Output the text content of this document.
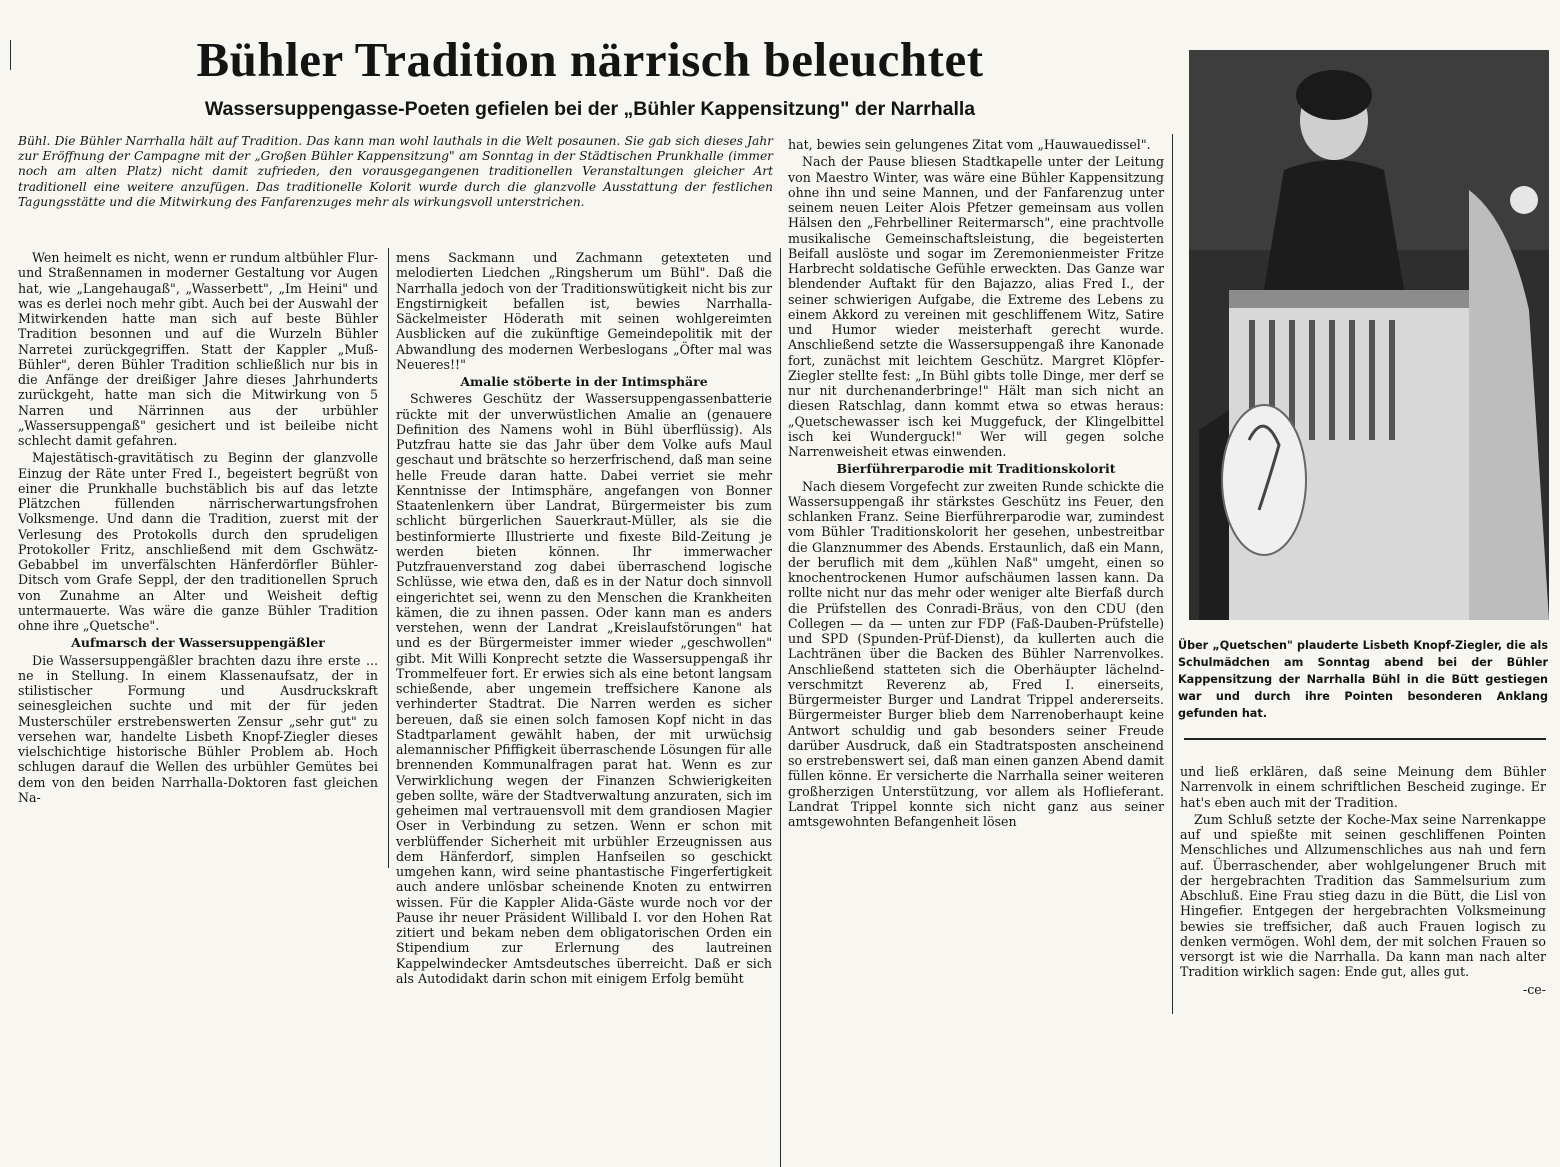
Bühler Tradition närrisch beleuchtet
Wassersuppengasse-Poeten gefielen bei der „Bühler Kappensitzung" der Narrhalla

Bühl. Die Bühler Narrhalla hält auf Tradition. Das kann man wohl lauthals in die Welt posaunen. Sie gab sich dieses Jahr zur Eröffnung der Campagne mit der „Großen Bühler Kappensitzung" am Sonntag in der Städtischen Prunkhalle (immer noch am alten Platz) nicht damit zufrieden, den vorausgegangenen traditionellen Veranstaltungen gleicher Art traditionell eine weitere anzufügen. Das traditionelle Kolorit wurde durch die glanzvolle Ausstattung der festlichen Tagungsstätte und die Mitwirkung des Fanfarenzuges mehr als wirkungsvoll unterstrichen.

Wen heimelt es nicht, wenn er rundum altbühler Flur- und Straßennamen in moderner Gestaltung vor Augen hat, wie „Langehaugaß", „Wasserbett", „Im Heini" und was es derlei noch mehr gibt. Auch bei der Auswahl der Mitwirkenden hatte man sich auf beste Bühler Tradition besonnen und auf die Wurzeln Bühler Narretei zurückgegriffen. Statt der Kappler „Muß-Bühler", deren Bühler Tradition schließlich nur bis in die Anfänge der dreißiger Jahre dieses Jahrhunderts zurückgeht, hatte man sich die Mitwirkung von 5 Narren und Närrinnen aus der urbühler „Wassersuppengaß" gesichert und ist beileibe nicht schlecht damit gefahren.

Majestätisch-gravitätisch zu Beginn der glanzvolle Einzug der Räte unter Fred I., begeistert begrüßt von einer die Prunkhalle buchstäblich bis auf das letzte Plätzchen füllenden närrischerwartungsfrohen Volksmenge. Und dann die Tradition, zuerst mit der Verlesung des Protokolls durch den sprudeligen Protokoller Fritz, anschließend mit dem Gschwätz-Gebabbel im unverfälschten Hänferdörfler Bühler-Ditsch vom Grafe Seppl, der den traditionellen Spruch von Zunahme an Alter und Weisheit deftig untermauerte. Was wäre die ganze Bühler Tradition ohne ihre „Quetsche".

Aufmarsch der Wassersuppengäßler

Die Wassersuppengäßler brachten dazu ihre erste ... ne in Stellung. In einem Klassenaufsatz, der in stilistischer Formung und Ausdruckskraft seinesgleichen suchte und mit der für jeden Musterschüler erstrebenswerten Zensur „sehr gut" zu versehen war, handelte Lisbeth Knopf-Ziegler dieses vielschichtige historische Bühler Problem ab. Hoch schlugen darauf die Wellen des urbühler Gemütes bei dem von den beiden Narrhalla-Doktoren fast gleichen Na-

mens Sackmann und Zachmann getexteten und melodierten Liedchen „Ringsherum um Bühl". Daß die Narrhalla jedoch von der Traditionswütigkeit nicht bis zur Engstirnigkeit befallen ist, bewies Narrhalla-Säckelmeister Höderath mit seinen wohlgereimten Ausblicken auf die zukünftige Gemeindepolitik mit der Abwandlung des modernen Werbeslogans „Öfter mal was Neueres!!"

Amalie stöberte in der Intimsphäre

Schweres Geschütz der Wassersuppengassenbatterie rückte mit der unverwüstlichen Amalie an (genauere Definition des Namens wohl in Bühl überflüssig). Als Putzfrau hatte sie das Jahr über dem Volke aufs Maul geschaut und brätschte so herzerfrischend, daß man seine helle Freude daran hatte. Dabei verriet sie mehr Kenntnisse der Intimsphäre, angefangen von Bonner Staatenlenkern über Landrat, Bürgermeister bis zum schlicht bürgerlichen Sauerkraut-Müller, als sie die bestinformierte Illustrierte und fixeste Bild-Zeitung je werden bieten können. Ihr immerwacher Putzfrauenverstand zog dabei überraschend logische Schlüsse, wie etwa den, daß es in der Natur doch sinnvoll eingerichtet sei, wenn zu den Menschen die Krankheiten kämen, die zu ihnen passen. Oder kann man es anders verstehen, wenn der Landrat „Kreislaufstörungen" hat und es der Bürgermeister immer wieder „geschwollen" gibt. Mit Willi Konprecht setzte die Wassersuppengaß ihr Trommelfeuer fort. Er erwies sich als eine betont langsam schießende, aber ungemein treffsichere Kanone als verhinderter Stadtrat. Die Narren werden es sicher bereuen, daß sie einen solch famosen Kopf nicht in das Stadtparlament gewählt haben, der mit urwüchsig alemannischer Pfiffigkeit überraschende Lösungen für alle brennenden Kommunalfragen parat hat. Wenn es zur Verwirklichung wegen der Finanzen Schwierigkeiten geben sollte, wäre der Stadtverwaltung anzuraten, sich im geheimen mal vertrauensvoll mit dem grandiosen Magier Oser in Verbindung zu setzen. Wenn er schon mit verblüffender Sicherheit mit urbühler Erzeugnissen aus dem Hänferdorf, simplen Hanfseilen so geschickt umgehen kann, wird seine phantastische Fingerfertigkeit auch andere unlösbar scheinende Knoten zu entwirren wissen. Für die Kappler Alida-Gäste wurde noch vor der Pause ihr neuer Präsident Willibald I. vor den Hohen Rat zitiert und bekam neben dem obligatorischen Orden ein Stipendium zur Erlernung des lautreinen Kappelwindecker Amtsdeutsches überreicht. Daß er sich als Autodidakt darin schon mit einigem Erfolg bemüht

hat, bewies sein gelungenes Zitat vom „Hauwauedissel".

Nach der Pause bliesen Stadtkapelle unter der Leitung von Maestro Winter, was wäre eine Bühler Kappensitzung ohne ihn und seine Mannen, und der Fanfarenzug unter seinem neuen Leiter Alois Pfetzer gemeinsam aus vollen Hälsen den „Fehrbelliner Reitermarsch", eine prachtvolle musikalische Gemeinschaftsleistung, die begeisterten Beifall auslöste und sogar im Zeremonienmeister Fritze Harbrecht soldatische Gefühle erweckten. Das Ganze war blendender Auftakt für den Bajazzo, alias Fred I., der seiner schwierigen Aufgabe, die Extreme des Lebens zu einem Akkord zu vereinen mit geschliffenem Witz, Satire und Humor wieder meisterhaft gerecht wurde. Anschließend setzte die Wassersuppengaß ihre Kanonade fort, zunächst mit leichtem Geschütz. Margret Klöpfer-Ziegler stellte fest: „In Bühl gibts tolle Dinge, mer derf se nur nit durchenanderbringe!" Hält man sich nicht an diesen Ratschlag, dann kommt etwa so etwas heraus: „Quetschewasser isch kei Muggefuck, der Klingelbittel isch kei Wunderguck!" Wer will gegen solche Narrenweisheit etwas einwenden.

Bierführerparodie mit Traditionskolorit

Nach diesem Vorgefecht zur zweiten Runde schickte die Wassersuppengaß ihr stärkstes Geschütz ins Feuer, den schlanken Franz. Seine Bierführerparodie war, zumindest vom Bühler Traditionskolorit her gesehen, unbestreitbar die Glanznummer des Abends. Erstaunlich, daß ein Mann, der beruflich mit dem „kühlen Naß" umgeht, einen so knochentrockenen Humor aufschäumen lassen kann. Da rollte nicht nur das mehr oder weniger alte Bierfaß durch die Prüfstellen des Conradi-Bräus, von den CDU (den Collegen — da — unten zur FDP (Faß-Dauben-Prüfstelle) und SPD (Spunden-Prüf-Dienst), da kullerten auch die Lachtränen über die Backen des Bühler Narrenvolkes. Anschließend statteten sich die Oberhäupter lächelnd-verschmitzt Reverenz ab, Fred I. einerseits, Bürgermeister Burger und Landrat Trippel andererseits. Bürgermeister Burger blieb dem Narrenoberhaupt keine Antwort schuldig und gab besonders seiner Freude darüber Ausdruck, daß ein Stadtratsposten anscheinend so erstrebenswert sei, daß man einen ganzen Abend damit füllen könne. Er versicherte die Narrhalla seiner weiteren großherzigen Unterstützung, vor allem als Hoflieferant. Landrat Trippel konnte sich nicht ganz aus seiner amtsgewohnten Befangenheit lösen

Über „Quetschen" plauderte Lisbeth Knopf-Ziegler, die als Schulmädchen am Sonntag abend bei der Bühler Kappensitzung der Narrhalla Bühl in die Bütt gestiegen war und durch ihre Pointen besonderen Anklang gefunden hat.

und ließ erklären, daß seine Meinung dem Bühler Narrenvolk in einem schriftlichen Bescheid zuginge. Er hat's eben auch mit der Tradition.

Zum Schluß setzte der Koche-Max seine Narrenkappe auf und spießte mit seinen geschliffenen Pointen Menschliches und Allzumenschliches aus nah und fern auf. Überraschender, aber wohlgelungener Bruch mit der hergebrachten Tradition das Sammelsurium zum Abschluß. Eine Frau stieg dazu in die Bütt, die Lisl von Hingefier. Entgegen der hergebrachten Volksmeinung bewies sie treffsicher, daß auch Frauen logisch zu denken vermögen. Wohl dem, der mit solchen Frauen so versorgt ist wie die Narrhalla. Da kann man nach alter Tradition wirklich sagen: Ende gut, alles gut.

-ce-
